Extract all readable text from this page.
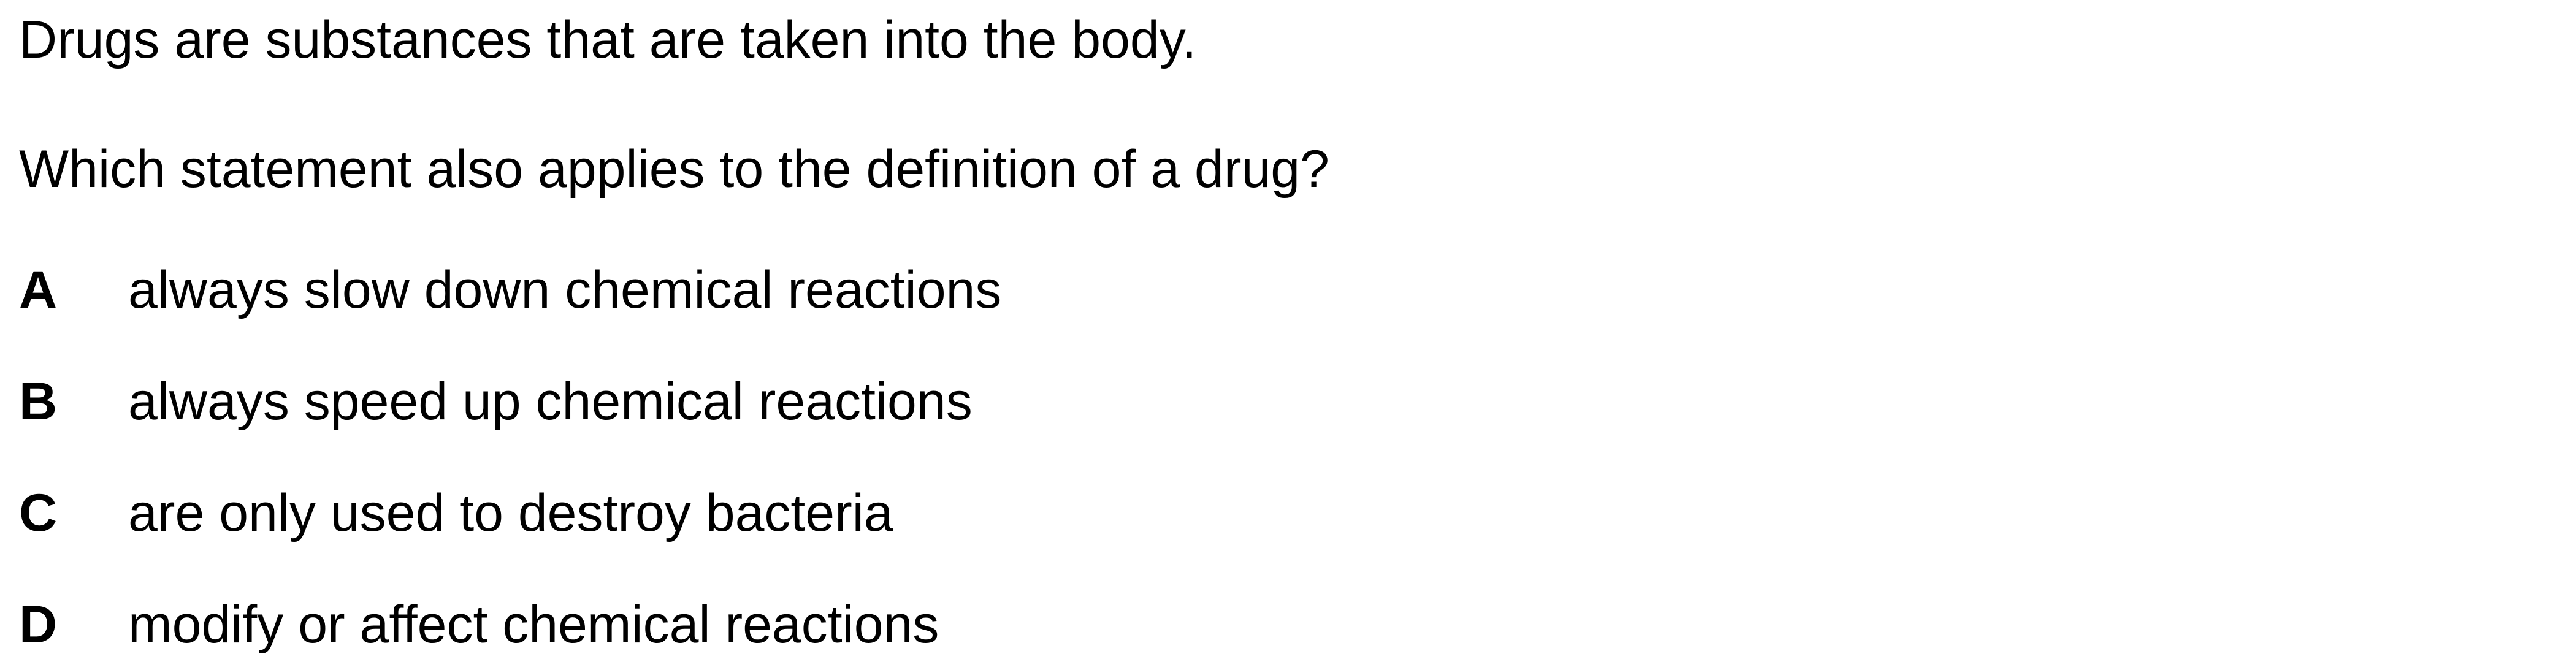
Drugs are substances that are taken into the body.
Which statement also applies to the definition of a drug?
A always slow down chemical reactions
B always speed up chemical reactions
C are only used to destroy bacteria
D modify or affect chemical reactions
